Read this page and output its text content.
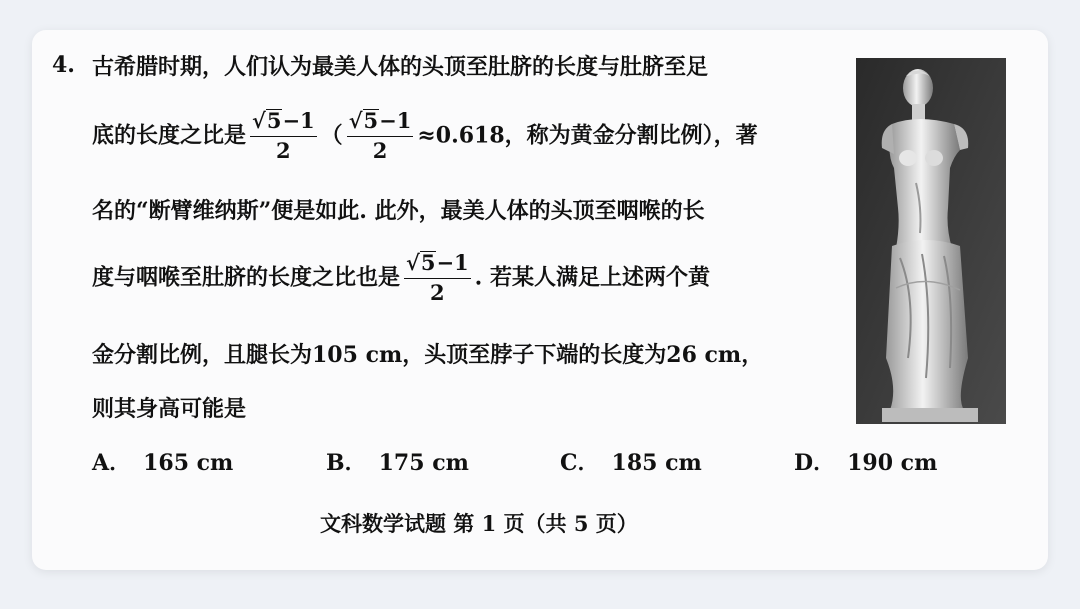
4. 古希腊时期，人们认为最美人体的头顶至肚脐的长度与肚脐至足
底的长度之比是 $\frac{√5-1}{2}$ （ $\frac{√5-1}{2} \approx 0.618$，称为黄金分割比例），著
名的“断臂维纳斯”便是如此. 此外，最美人体的头顶至咽喉的长
度与咽喉至肚脐的长度之比也是 $\frac{√5-1}{2}$ . 若某人满足上述两个黄
金分割比例，且腿长为105 cm，头顶至脖子下端的长度为26 cm，
则其身高可能是
A． 165 cm	B． 175 cm	C． 185 cm	D． 190 cm
文科数学试题 第 1 页（共 5 页）
